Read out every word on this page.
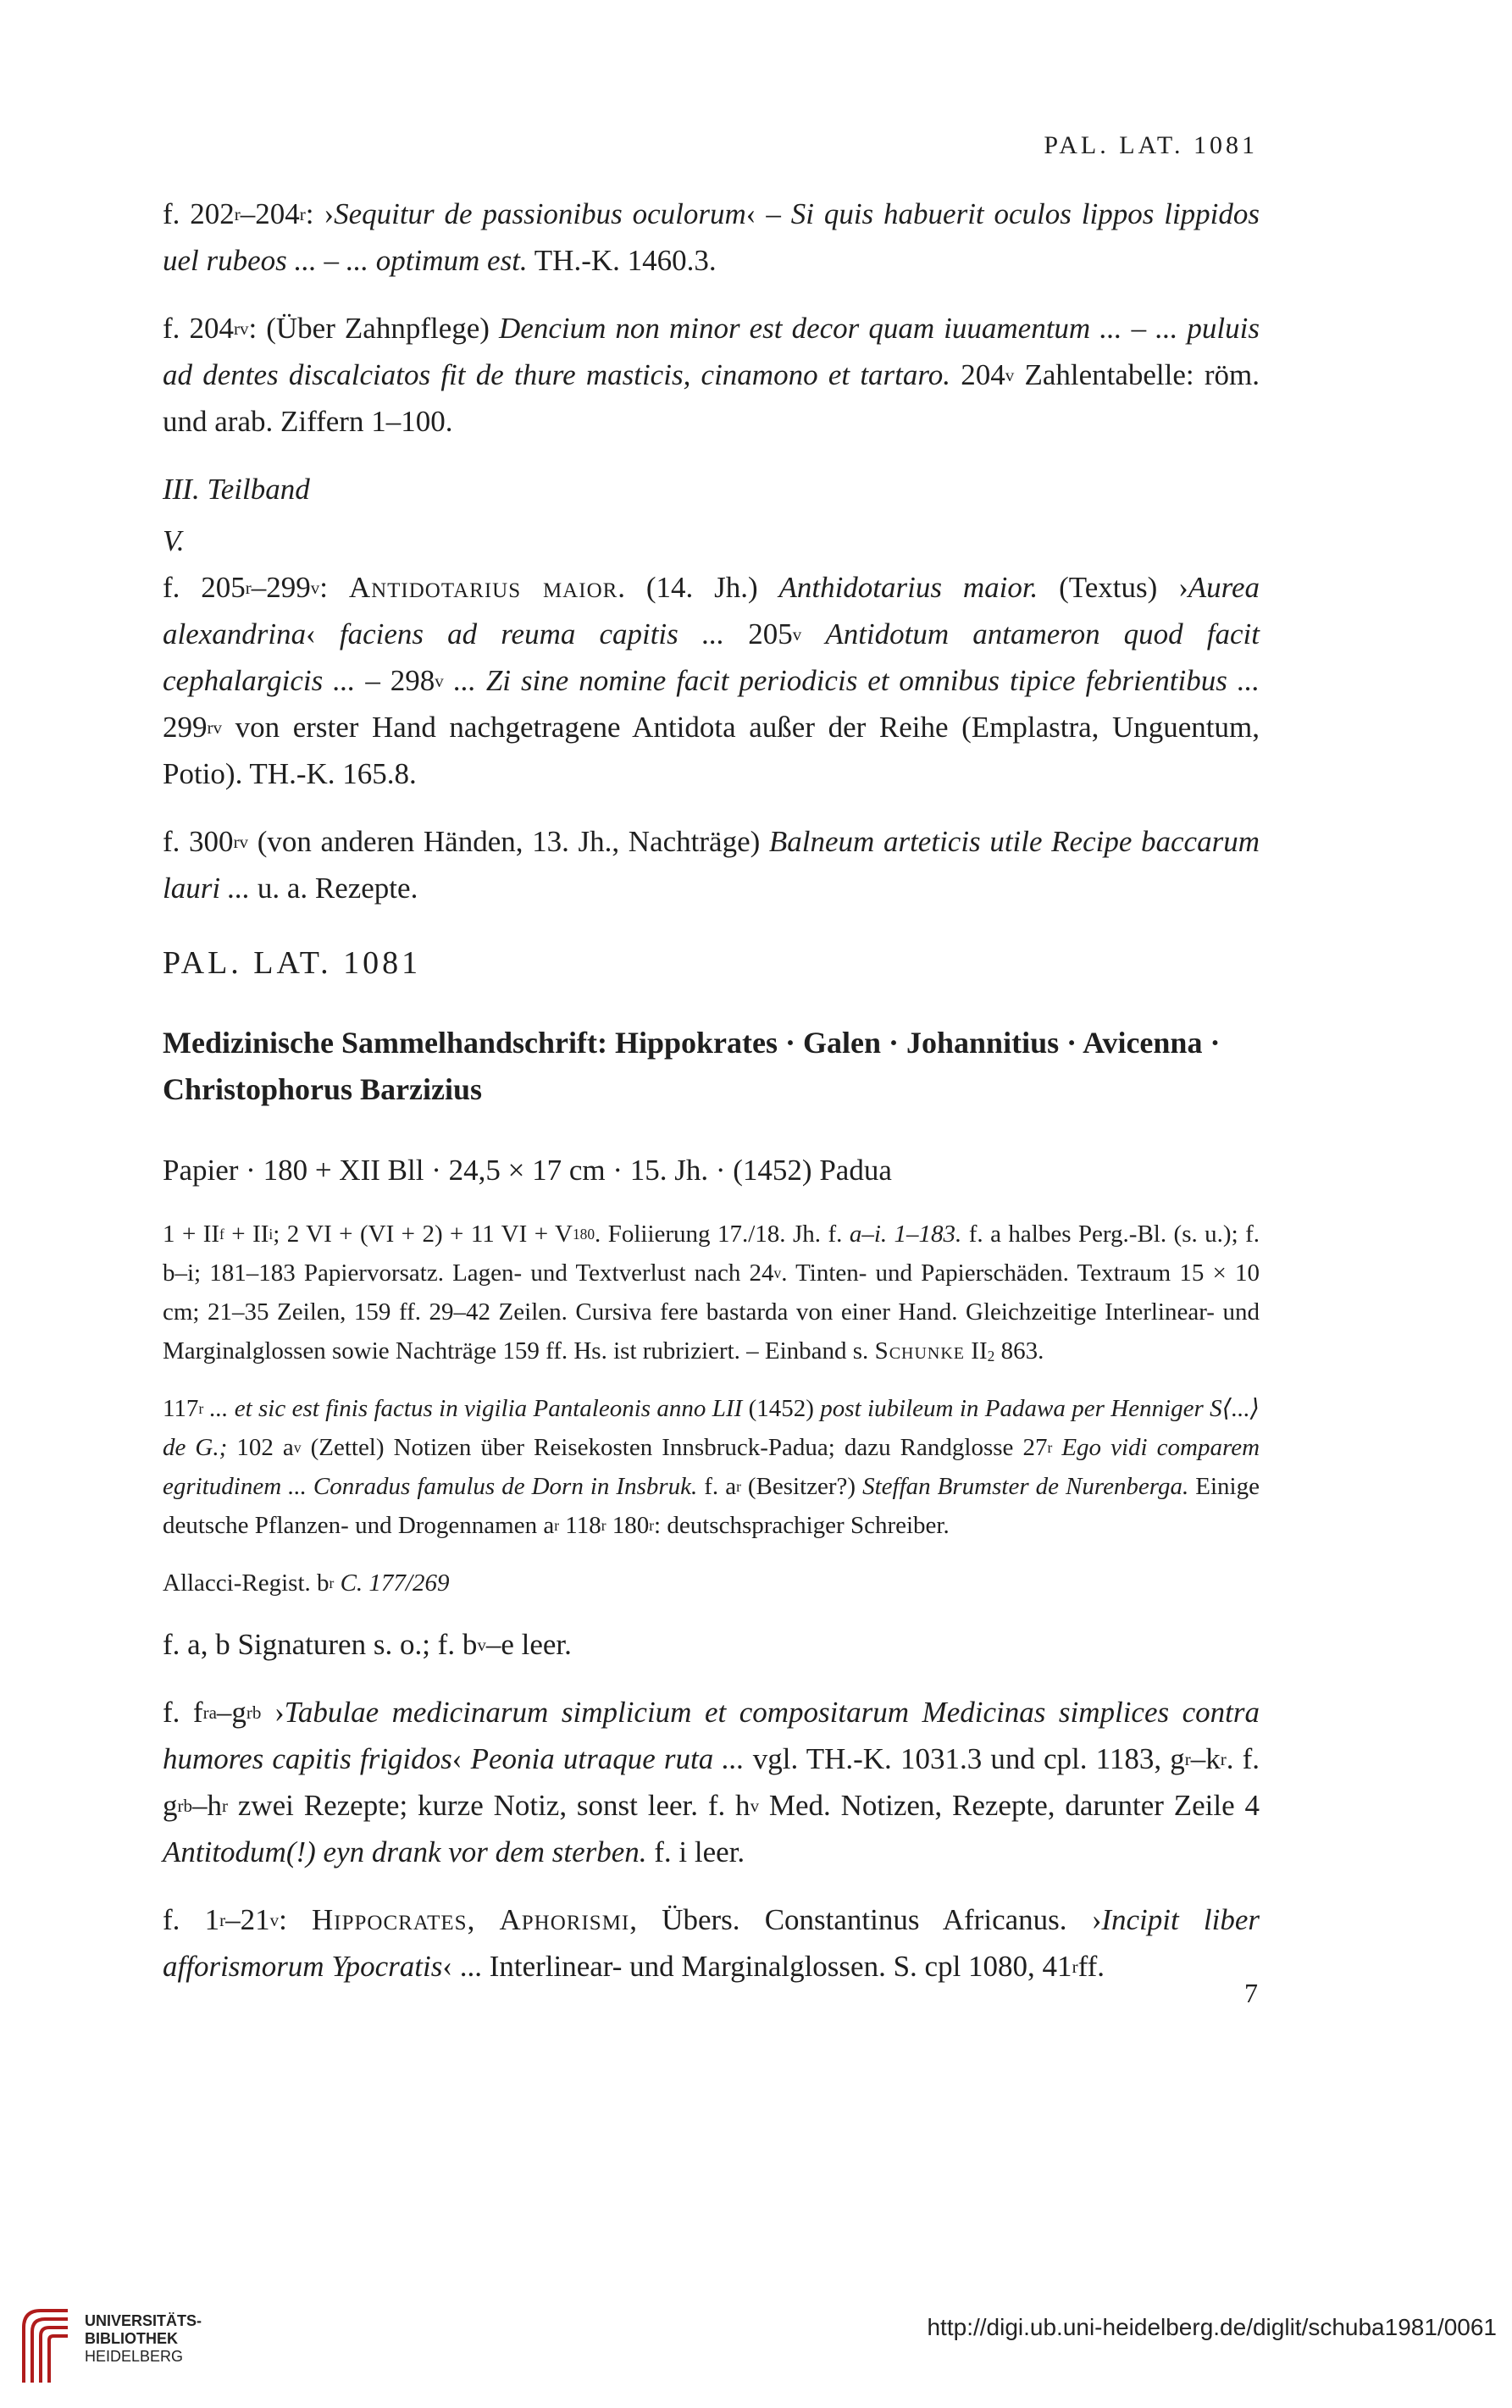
PAL. LAT. 1081

f. 202$^r$–204$^r$: ›Sequitur de passionibus oculorum‹ – Si quis habuerit oculos lippos lippidos uel rubeos ... – ... optimum est. TH.-K. 1460.3.

f. $204^{rv}$: (Über Zahnpflege) Dencium non minor est decor quam iuuamentum ... – ... puluis ad dentes discalciatos fit de thure masticis, cinamono et tartaro. 204$^v$ Zahlentabelle: röm. und arab. Ziffern 1–100.

III. Teilband

V.

f. 205$^r$–299$^v$: Antidotarius maior. (14. Jh.) Anthidotarius maior. (Textus) ›Aurea alexandrina‹ faciens ad reuma capitis ... 205$^v$ Antidotum antameron quod facit cephalargicis ... – 298$^v$ ... Zi sine nomine facit periodicis et omnibus tipice febrientibus ... $299^{rv}$ von erster Hand nachgetragene Antidota außer der Reihe (Emplastra, Unguentum, Potio). TH.-K. 165.8.

f. $300^{rv}$ (von anderen Händen, 13. Jh., Nachträge) Balneum arteticis utile Recipe baccarum lauri ... u. a. Rezepte.

PAL. LAT. 1081

Medizinische Sammelhandschrift: Hippokrates · Galen · Johannitius · Avicenna · Christophorus Barzizius

Papier · 180 + XII Bll · 24,5 × 17 cm · 15. Jh. · (1452) Padua

$1 + II^f + II^i$; 2 VI + (VI + 2) + 11 VI + $V^{180}$. Foliierung 17./18. Jh. f. a–i. 1–183. f. a halbes Perg.-Bl. (s. u.); f. b–i; 181–183 Papiervorsatz. Lagen- und Textverlust nach 24$^v$. Tinten- und Papierschäden. Textraum 15 × 10 cm; 21–35 Zeilen, 159 ff. 29–42 Zeilen. Cursiva fere bastarda von einer Hand. Gleichzeitige Interlinear- und Marginalglossen sowie Nachträge 159 ff. Hs. ist rubriziert. – Einband s. Schunke $II_2$ 863.

117$^r$ ... et sic est finis factus in vigilia Pantaleonis anno LII (1452) post iubileum in Padawa per Henniger S⟨...⟩ de G.; 102 $a^v$ (Zettel) Notizen über Reisekosten Innsbruck-Padua; dazu Randglosse 27$^r$ Ego vidi comparem egritudinem ... Conradus famulus de Dorn in Insbruk. f. $a^r$ (Besitzer?) Steffan Brumster de Nurenberga. Einige deutsche Pflanzen- und Drogennamen $a^r$ 118$^r$ 180$^r$: deutschsprachiger Schreiber.

Allacci-Regist. $b^r$ C. 177/269

f. a, b Signaturen s. o.; f. $b^v-e$ leer.

f. $f^{ra}-g^{rb}$ ›Tabulae medicinarum simplicium et compositarum Medicinas simplices contra humores capitis frigidos‹ Peonia utraque ruta ... vgl. TH.-K. 1031.3 und cpl. 1183, $g^r-k^r$. f. $g^{rb}-h^r$ zwei Rezepte; kurze Notiz, sonst leer. f. $h^v$ Med. Notizen, Rezepte, darunter Zeile 4 Antitodum(!) eyn drank vor dem sterben. f. i leer.

f. 1$^r$–21$^v$: Hippocrates, Aphorismi, Übers. Constantinus Africanus. ›Incipit liber afforismorum Ypocratis‹ ... Interlinear- und Marginalglossen. S. cpl 1080, 41$^r$ff.

7
UNIVERSITÄTS-
BIBLIOTHEK
HEIDELBERG
http://digi.ub.uni-heidelberg.de/diglit/schuba1981/0061
